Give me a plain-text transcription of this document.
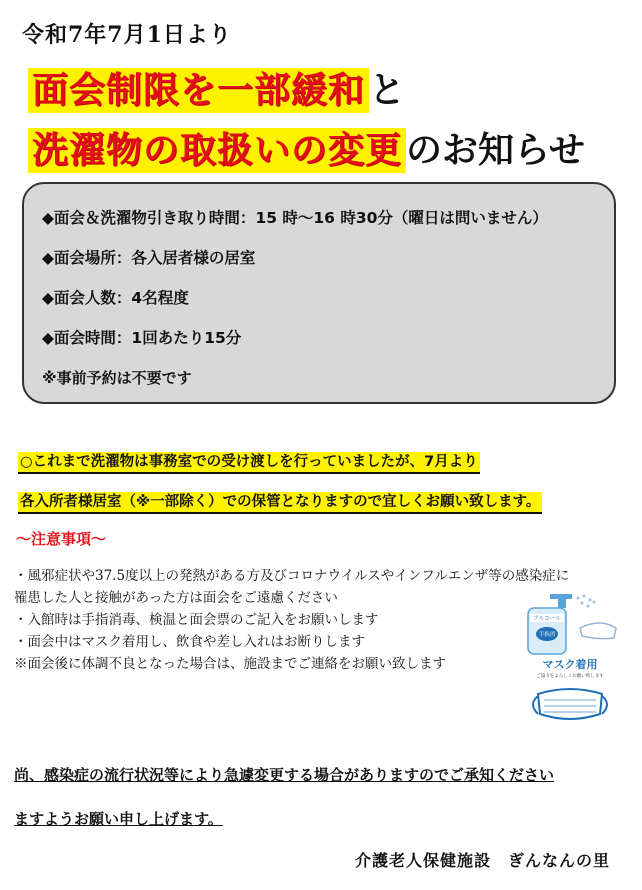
令和7年7月1日より
面会制限を一部緩和 と
洗濯物の取扱いの変更 のお知らせ
◆面会＆洗濯物引き取り時間：15 時～16 時30分（曜日は問いません）
◆面会場所：各入居者様の居室
◆面会人数：4名程度
◆面会時間：1回あたり15分
※事前予約は不要です
○これまで洗濯物は事務室での受け渡しを行っていましたが、7月より
各入所者様居室（※一部除く）での保管となりますので宜しくお願い致します。
～注意事項～
・風邪症状や37.5度以上の発熱がある方及びコロナウイルスやインフルエンザ等の感染症に
罹患した人と接触があった方は面会をご遠慮ください
・入館時は手指消毒、検温と面会票のご記入をお願いします
・面会中はマスク着用し、飲食や差し入れはお断りします
※面会後に体調不良となった場合は、施設までご連絡をお願い致します
アルコール
手指消
マスク着用
ご協力をよろしくお願い致します
尚、感染症の流行状況等により急遽変更する場合がありますのでご承知ください
ますようお願い申し上げます。
介護老人保健施設　ぎんなんの里
